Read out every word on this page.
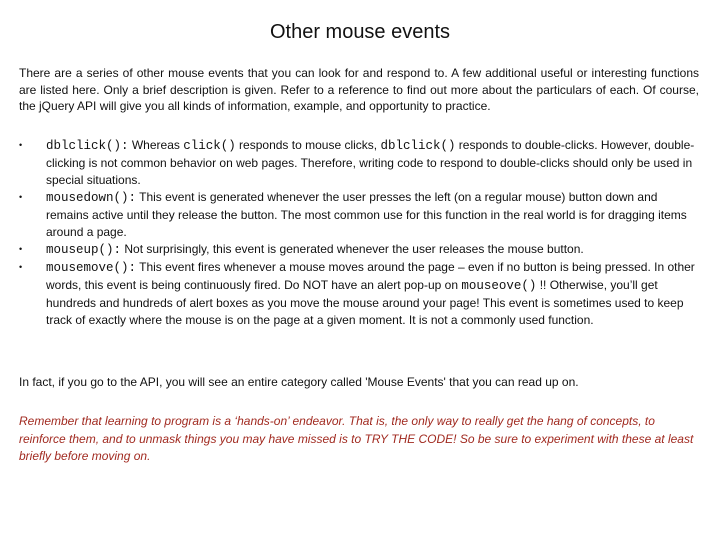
Other mouse events

There are a series of other mouse events that you can look for and respond to. A few additional useful or interesting functions are listed here. Only a brief description is given. Refer to a reference to find out more about the particulars of each. Of course, the jQuery API will give you all kinds of information, example, and opportunity to practice.

•	dblclick(): Whereas click() responds to mouse clicks, dblclick() responds to double-clicks. However, double-clicking is not common behavior on web pages. Therefore, writing code to respond to double-clicks should only be used in special situations.
•	mousedown(): This event is generated whenever the user presses the left (on a regular mouse) button down and remains active until they release the button. The most common use for this function in the real world is for dragging items around a page.
•	mouseup(): Not surprisingly, this event is generated whenever the user releases the mouse button.
•	mousemove(): This event fires whenever a mouse moves around the page – even if no button is being pressed. In other words, this event is being continuously fired. Do NOT have an alert pop-up on mouseove() !! Otherwise, you’ll get hundreds and hundreds of alert boxes as you move the mouse around your page! This event is sometimes used to keep track of exactly where the mouse is on the page at a given moment. It is not a commonly used function.

In fact, if you go to the API, you will see an entire category called 'Mouse Events' that you can read up on.

Remember that learning to program is a ‘hands-on’ endeavor. That is, the only way to really get the hang of concepts, to reinforce them, and to unmask things you may have missed is to TRY THE CODE! So be sure to experiment with these at least briefly before moving on.
